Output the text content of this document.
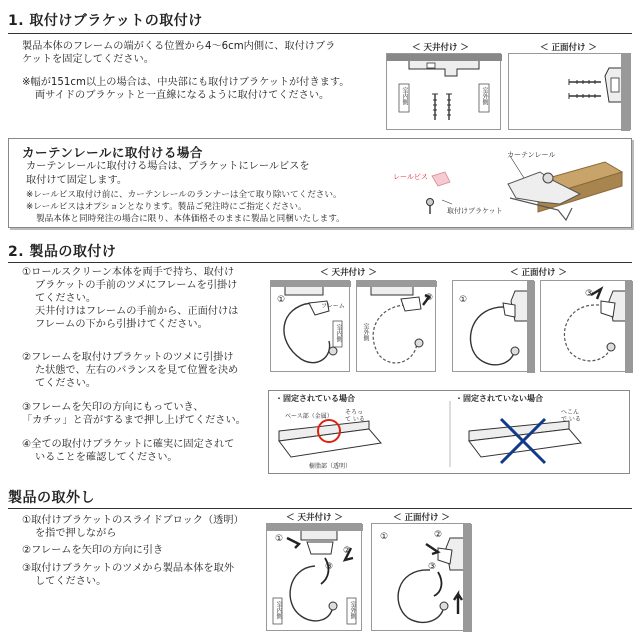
1. 取付けブラケットの取付け
製品本体のフレームの端がくる位置から4～6cm内側に、取付けブラ
ケットを固定してください。
※幅が151cm以上の場合は、中央部にも取付けブラケットが付きます。
両サイドのブラケットと一直線になるように取付けてください。
＜ 天井付け ＞	＜ 正面付け ＞
室内側	室外側
カーテンレールに取付ける場合
カーテンレールに取付ける場合は、ブラケットにレールビスを
取付けて固定します。
※レールビス取付け前に、カーテンレールのランナーは全て取り除いてください。
※レールビスはオプションとなります。製品ご発注時にご指定ください。
製品本体と同時発注の場合に限り、本体価格そのままに製品と同梱いたします。
カーテンレール
レールビス
取付けブラケット
2. 製品の取付け
①ロールスクリーン本体を両手で持ち、取付け
ブラケットの手前のツメにフレームを引掛け
てください。
天井付けはフレームの手前から、正面付けは
フレームの下から引掛けてください。
②フレームを取付けブラケットのツメに引掛け
た状態で、左右のバランスを見て位置を決め
てください。
③フレームを矢印の方向にもっていき、
「カチッ」と音がするまで押し上げてください。
④全ての取付けブラケットに確実に固定されて
いることを確認してください。
＜ 天井付け ＞	＜ 正面付け ＞
①
フレーム
室内側
③
室外側
①
③
・固定されている場合	・固定されていない場合
ベース部（金属）
そろって いる
樹脂部（透明）
へこんで いる
製品の取外し
①取付けブラケットのスライドブロック（透明）
を指で押しながら
②フレームを矢印の方向に引き
③取付けブラケットのツメから製品本体を取外
してください。
＜ 天井付け ＞	＜ 正面付け ＞
①
②
③
室内側	室外側
①	②
③
